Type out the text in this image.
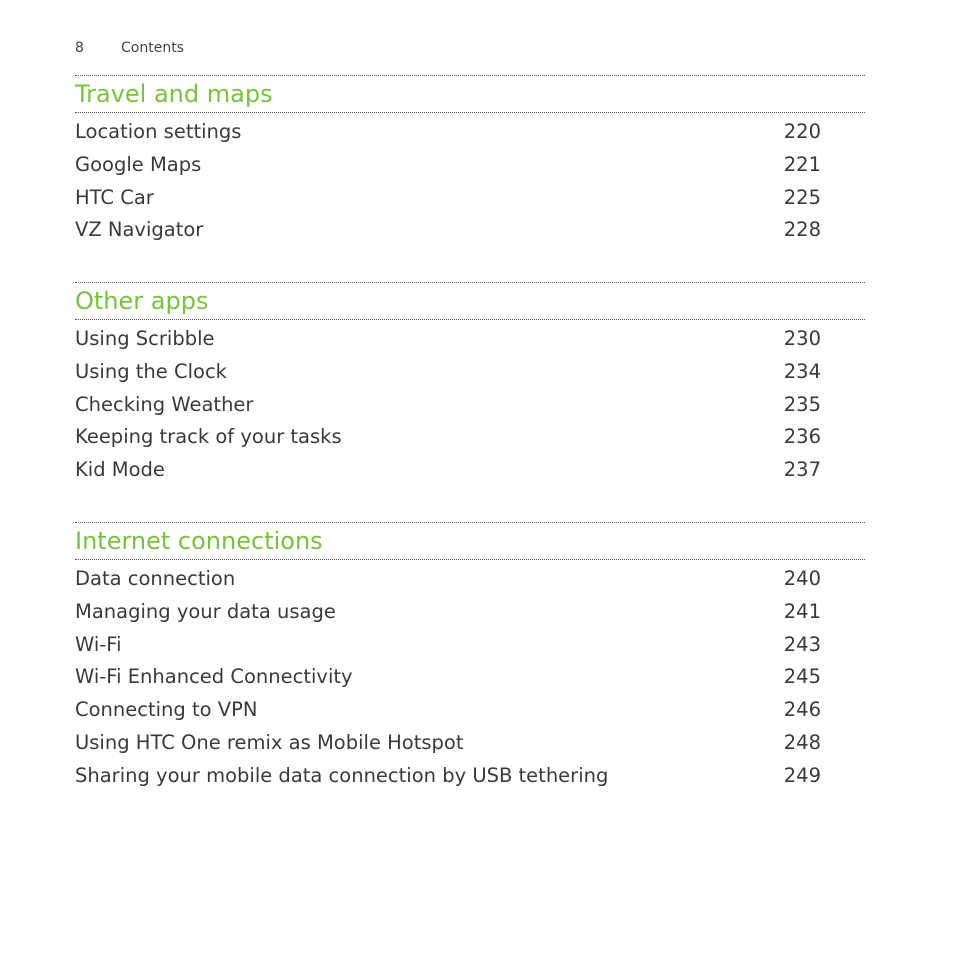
8	Contents
Travel and maps
Location settings	220
Google Maps	221
HTC Car	225
VZ Navigator	228
Other apps
Using Scribble	230
Using the Clock	234
Checking Weather	235
Keeping track of your tasks	236
Kid Mode	237
Internet connections
Data connection	240
Managing your data usage	241
Wi-Fi	243
Wi-Fi Enhanced Connectivity	245
Connecting to VPN	246
Using HTC One remix as Mobile Hotspot	248
Sharing your mobile data connection by USB tethering	249
